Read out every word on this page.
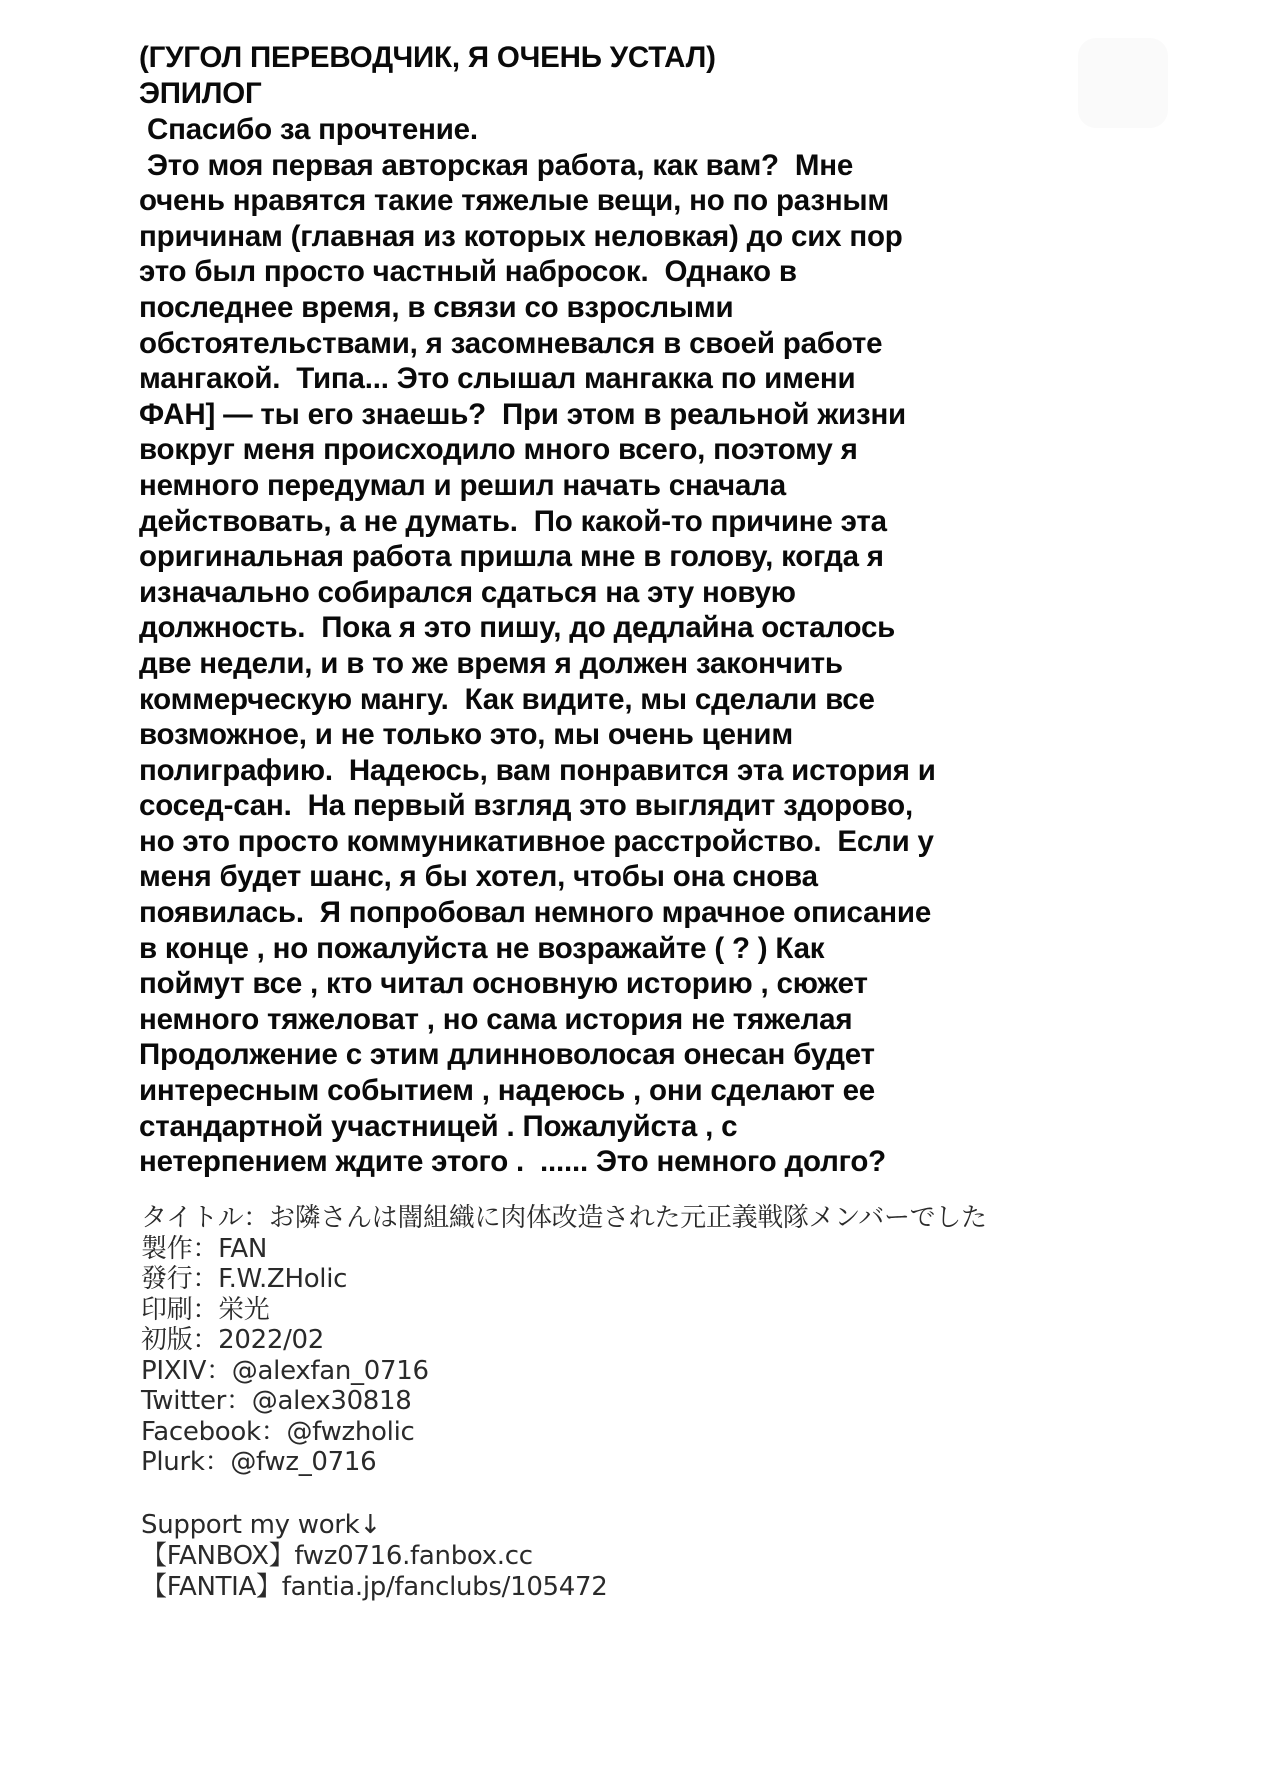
(ГУГОЛ ПЕРЕВОДЧИК, Я ОЧЕНЬ УСТАЛ)

ЭПИЛОГ

Спасибо за прочтение.
Это моя первая авторская работа, как вам?  Мне
очень нравятся такие тяжелые вещи, но по разным
причинам (главная из которых неловкая) до сих пор
это был просто частный набросок.  Однако в
последнее время, в связи со взрослыми
обстоятельствами, я засомневался в своей работе
мангакой.  Типа... Это слышал мангакка по имени
ФАН] — ты его знаешь?  При этом в реальной жизни
вокруг меня происходило много всего, поэтому я
немного передумал и решил начать сначала
действовать, а не думать.  По какой-то причине эта
оригинальная работа пришла мне в голову, когда я
изначально собирался сдаться на эту новую
должность.  Пока я это пишу, до дедлайна осталось
две недели, и в то же время я должен закончить
коммерческую мангу.  Как видите, мы сделали все
возможное, и не только это, мы очень ценим
полиграфию.  Надеюсь, вам понравится эта история и
сосед-сан.  На первый взгляд это выглядит здорово,
но это просто коммуникативное расстройство.  Если у
меня будет шанс, я бы хотел, чтобы она снова
появилась.  Я попробовал немного мрачное описание
в конце , но пожалуйста не возражайте ( ? ) Как
поймут все , кто читал основную историю , сюжет
немного тяжеловат , но сама история не тяжелая
Продолжение с этим длинноволосая онесан будет
интересным событием , надеюсь , они сделают ее
стандартной участницей . Пожалуйста , с
нетерпением ждите этого .  ...... Это немного долго?
タイトル：お隣さんは闇組織に肉体改造された元正義戦隊メンバーでした
製作：FAN
發行：F.W.ZHolic
印刷：栄光
初版：2022/02
PIXIV：@alexfan_0716
Twitter：@alex30818
Facebook：@fwzholic
Plurk：@fwz_0716
Support my work↓
【FANBOX】fwz0716.fanbox.cc
【FANTIA】fantia.jp/fanclubs/105472
